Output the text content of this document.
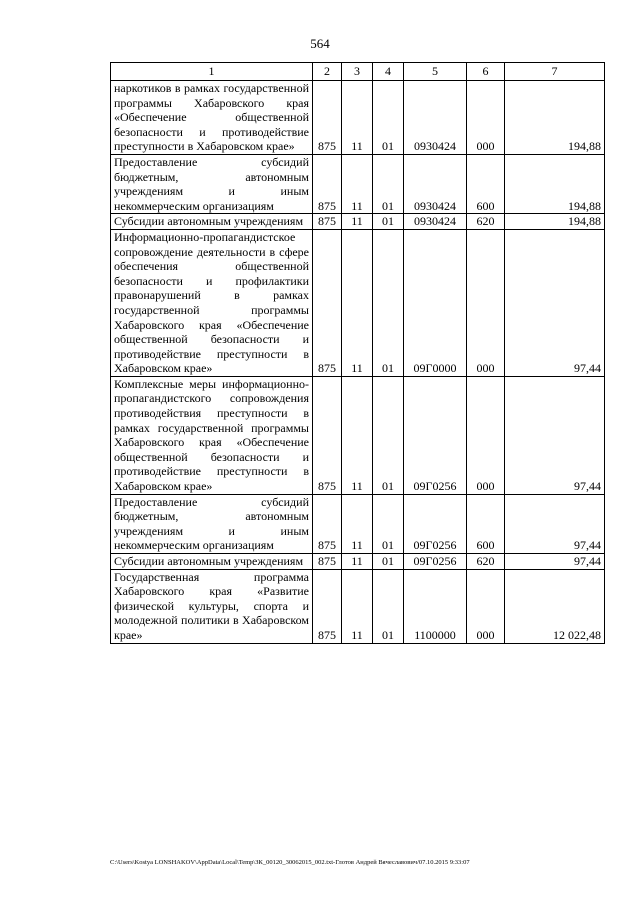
564
1	2	3	4	5	6	7
наркотиков в рамках государственной программы Хабаровского края «Обеспечение общественной безопасности и противодействие преступности в Хабаровском крае»	875	11	01	0930424	000	194,88
Предоставление субсидий бюджетным, автономным учреждениям и иным некоммерческим организациям	875	11	01	0930424	600	194,88
Субсидии автономным учреждениям	875	11	01	0930424	620	194,88
Информационно-пропагандистское сопровождение деятельности в сфере обеспечения общественной безопасности и профилактики правонарушений в рамках государственной программы Хабаровского края «Обеспечение общественной безопасности и противодействие преступности в Хабаровском крае»	875	11	01	09Г0000	000	97,44
Комплексные меры информационно-пропагандистского сопровождения противодействия преступности в рамках государственной программы Хабаровского края «Обеспечение общественной безопасности и противодействие преступности в Хабаровском крае»	875	11	01	09Г0256	000	97,44
Предоставление субсидий бюджетным, автономным учреждениям и иным некоммерческим организациям	875	11	01	09Г0256	600	97,44
Субсидии автономным учреждениям	875	11	01	09Г0256	620	97,44
Государственная программа Хабаровского края «Развитие физической культуры, спорта и молодежной политики в Хабаровском крае»	875	11	01	1100000	000	12 022,48
C:\Users\Kostya LONSHAKOV\AppData\Local\Temp\ЗК_00120_30062015_002.txt-Глотов Андрей Вячеславович/07.10.2015 9:33:07
